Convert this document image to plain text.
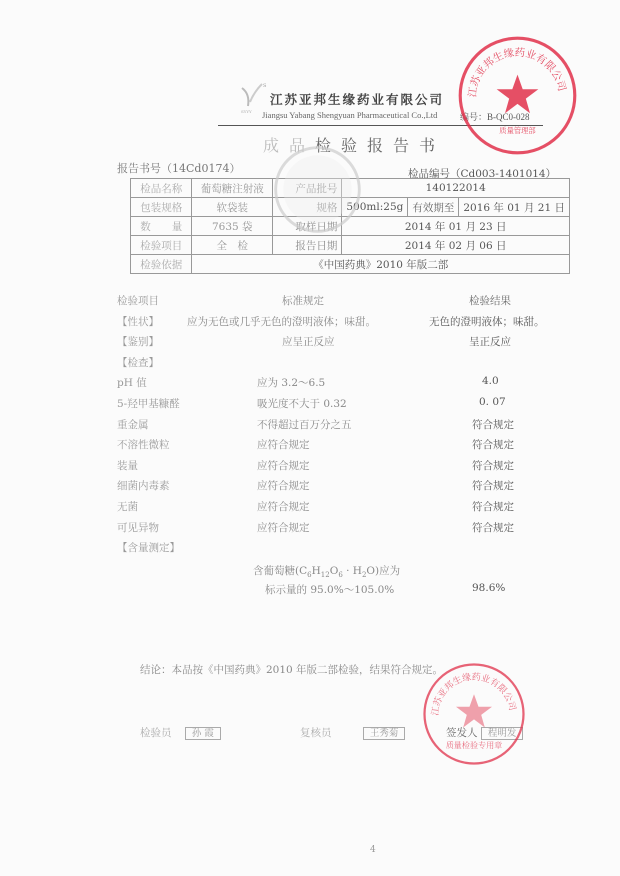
S
SYYY
江苏亚邦生缘药业有限公司
Jiangsu Yabang Shengyuan Pharmaceutical Co.,Ltd	编号：B-QC0-028
成品检验报告书
报告书号（14Cd0174）	检品编号（Cd003-1401014）
检品名称	葡萄糖注射液	产品批号	140122014		
包装规格	软袋装	规格	500ml:25g	有效期至	2016 年 01 月 21 日
数　　量	7635 袋	取样日期	2014 年 01 月 23 日		
检验项目	全　检	报告日期	2014 年 02 月 06 日		
检验依据	《中国药典》2010 年版二部				
检验项目	标准规定	检验结果
【性状】	应为无色或几乎无色的澄明液体；味甜。	无色的澄明液体；味甜。
【鉴别】	应呈正反应	呈正反应
【检查】
pH 值	应为 3.2～6.5	4.0
5-羟甲基糠醛	吸光度不大于 0.32	0. 07
重金属	不得超过百万分之五	符合规定
不溶性微粒	应符合规定	符合规定
装量	应符合规定	符合规定
细菌内毒素	应符合规定	符合规定
无菌	应符合规定	符合规定
可见异物	应符合规定	符合规定
【含量测定】
含葡萄糖$(C_6H_{12}O_6 \cdot H_2O)$应为
标示量的 95.0%～105.0%	98.6%
结论：本品按《中国药典》2010 年版二部检验，结果符合规定。
检验员 孙 霞	复核员	王秀菊	签发人 程明发
4
江苏亚邦生缘药业有限公司
质量管理部
江苏亚邦生缘药业有限公司
质量检验专用章
